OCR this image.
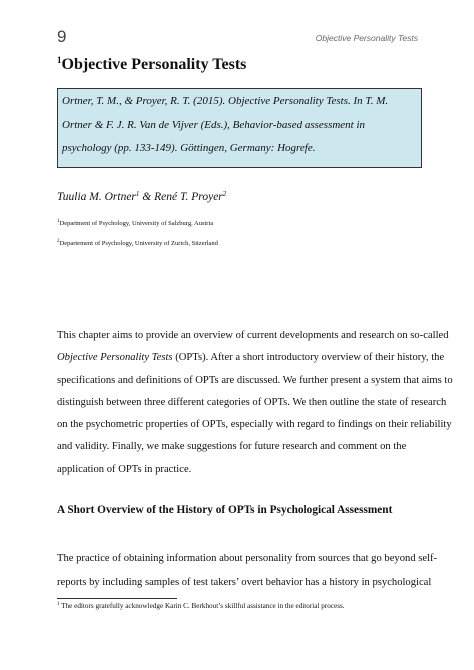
9	Objective Personality Tests
$^1$Objective Personality Tests
Ortner, T. M., & Proyer, R. T. (2015). Objective Personality Tests. In T. M.
Ortner & F. J. R. Van de Vijver (Eds.), Behavior-based assessment in
psychology (pp. 133-149). Göttingen, Germany: Hogrefe.
Tuulia M. Ortner$^1$ & René T. Proyer$^2$
$^1$Department of Psychology, University of Salzburg, Austria
$^2$Departement of Psychology, University of Zurich, Sitzerland
This chapter aims to provide an overview of current developments and research on so-called
Objective Personality Tests (OPTs). After a short introductory overview of their history, the
specifications and definitions of OPTs are discussed. We further present a system that aims to
distinguish between three different categories of OPTs. We then outline the state of research
on the psychometric properties of OPTs, especially with regard to findings on their reliability
and validity. Finally, we make suggestions for future research and comment on the
application of OPTs in practice.
A Short Overview of the History of OPTs in Psychological Assessment
The practice of obtaining information about personality from sources that go beyond self-
reports by including samples of test takers’ overt behavior has a history in psychological
$^1$ The editors gratefully acknowledge Karin C. Berkhout’s skillful assistance in the editorial process.
